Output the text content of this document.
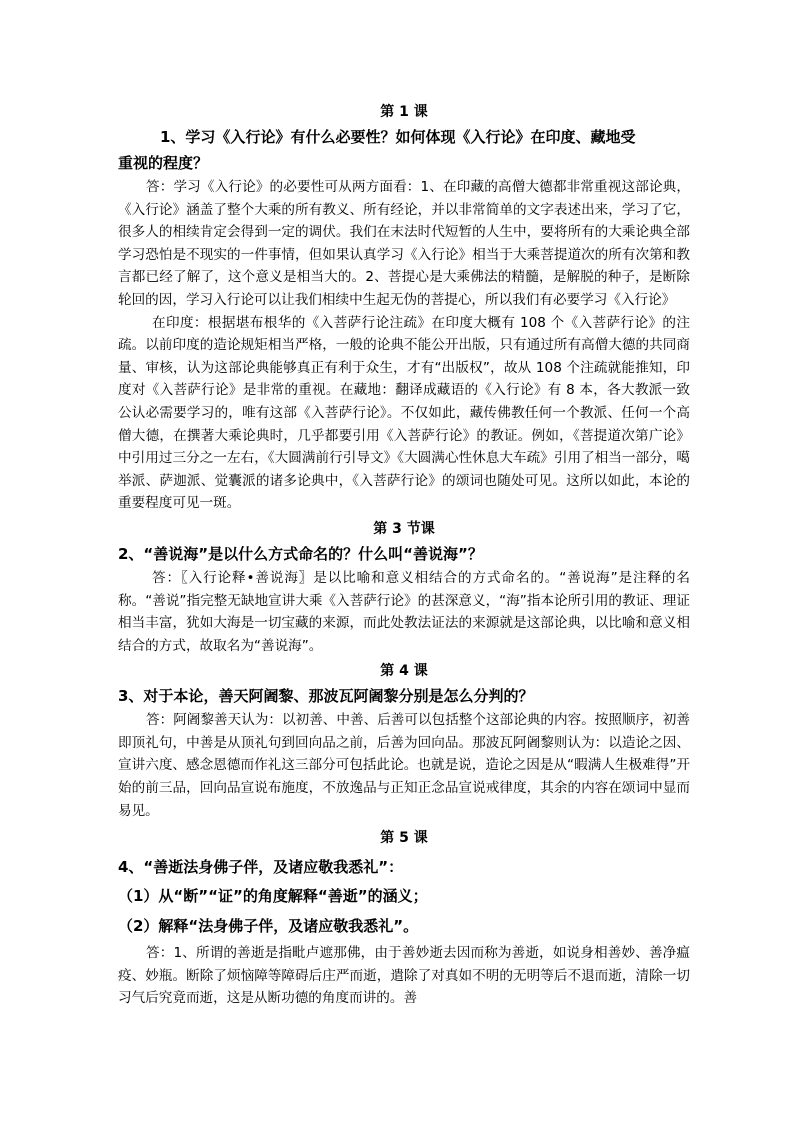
第 1 课

1、学习《入行论》有什么必要性？如何体现《入行论》在印度、藏地受

重视的程度？

答：学习《入行论》的必要性可从两方面看：1、在印藏的高僧大德都非常重视这部论典，《入行论》涵盖了整个大乘的所有教义、所有经论，并以非常简单的文字表述出来，学习了它，很多人的相续肯定会得到一定的调伏。我们在末法时代短暂的人生中，要将所有的大乘论典全部学习恐怕是不现实的一件事情，但如果认真学习《入行论》相当于大乘菩提道次的所有次第和教言都已经了解了，这个意义是相当大的。2、菩提心是大乘佛法的精髓，是解脱的种子，是断除轮回的因，学习入行论可以让我们相续中生起无伪的菩提心，所以我们有必要学习《入行论》

在印度：根据堪布根华的《入菩萨行论注疏》在印度大概有 108 个《入菩萨行论》的注疏。以前印度的造论规矩相当严格，一般的论典不能公开出版，只有通过所有高僧大德的共同商量、审核，认为这部论典能够真正有利于众生，才有“出版权”，故从 108 个注疏就能推知，印度对《入菩萨行论》是非常的重视。在藏地：翻译成藏语的《入行论》有 8 本，各大教派一致公认必需要学习的，唯有这部《入菩萨行论》。不仅如此，藏传佛教任何一个教派、任何一个高僧大德，在撰著大乘论典时，几乎都要引用《入菩萨行论》的教证。例如，《菩提道次第广论》中引用过三分之一左右，《大圆满前行引导文》《大圆满心性休息大车疏》引用了相当一部分，噶举派、萨迦派、觉囊派的诸多论典中，《入菩萨行论》的颂词也随处可见。这所以如此，本论的重要程度可见一斑。

第 3 节课

2、“善说海”是以什么方式命名的？什么叫“善说海”？

答：〖入行论释•善说海〗是以比喻和意义相结合的方式命名的。“善说海”是注释的名称。“善说”指完整无缺地宣讲大乘《入菩萨行论》的甚深意义，“海”指本论所引用的教证、理证相当丰富，犹如大海是一切宝藏的来源，而此处教法证法的来源就是这部论典，以比喻和意义相结合的方式，故取名为“善说海”。

第 4 课

3、对于本论，善天阿阇黎、那波瓦阿阇黎分别是怎么分判的？

答：阿阇黎善天认为：以初善、中善、后善可以包括整个这部论典的内容。按照顺序，初善即顶礼句，中善是从顶礼句到回向品之前，后善为回向品。那波瓦阿阇黎则认为：以造论之因、宣讲六度、感念恩德而作礼这三部分可包括此论。也就是说，造论之因是从“暇满人生极难得”开始的前三品，回向品宣说布施度，不放逸品与正知正念品宣说戒律度，其余的内容在颂词中显而易见。

第 5 课

4、“善逝法身佛子伴，及诸应敬我悉礼”：

（1）从“断”“证”的角度解释“善逝”的涵义；

（2）解释“法身佛子伴，及诸应敬我悉礼”。

答：1、所谓的善逝是指毗卢遮那佛，由于善妙逝去因而称为善逝，如说身相善妙、善净瘟疫、妙瓶。断除了烦恼障等障碍后庄严而逝，遣除了对真如不明的无明等后不退而逝，清除一切习气后究竟而逝，这是从断功德的角度而讲的。善
